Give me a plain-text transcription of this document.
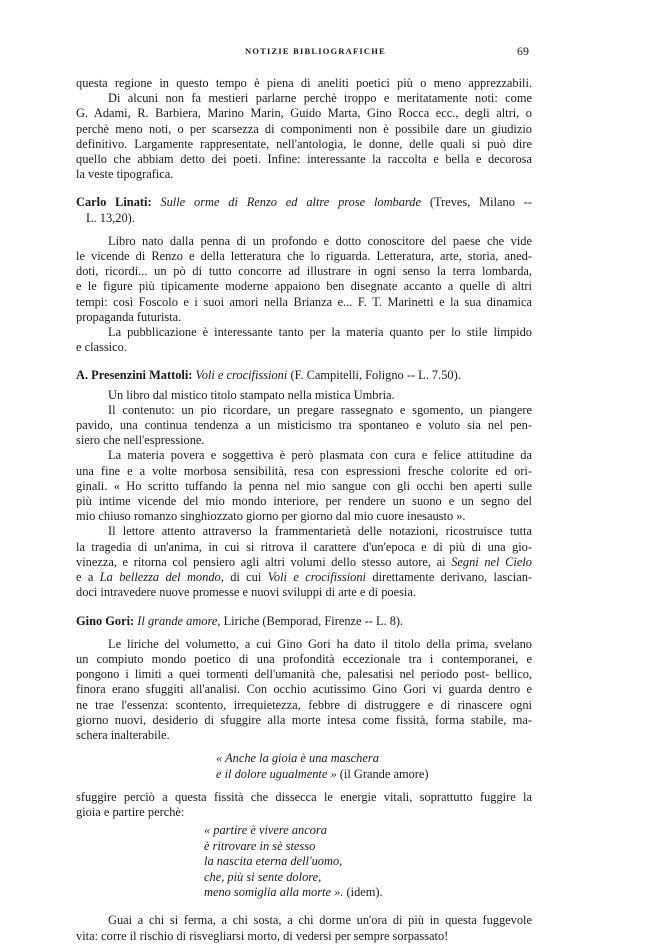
NOTIZIE BIBLIOGRAFICHE	69

questa regione in questo tempo è piena di aneliti poetici più o meno apprezzabili.
Di alcuni non fa mestieri parlarne perchè troppo e meritatamente noti: come
G. Adami, R. Barbiera, Marino Marin, Guido Marta, Gino Rocca ecc., degli altri, o
perchè meno noti, o per scarsezza di componimenti non è possibile dare un giudizio
definitivo. Largamente rappresentate, nell'antologia, le donne, delle quali si può dire
quello che abbiam detto dei poeti. Infine: interessante la raccolta e bella e decorosa
la veste tipografica.

Carlo Linati: Sulle orme di Renzo ed altre prose lombarde (Treves, Milano --

L. 13,20).

Libro nato dalla penna di un profondo e dotto conoscitore del paese che vide
le vicende di Renzo e della letteratura che lo riguarda. Letteratura, arte, storia, aned-
doti, ricordi... un pò di tutto concorre ad illustrare in ogni senso la terra lombarda,
e le figure più tipicamente moderne appaiono ben disegnate accanto a quelle di altri
tempi: così Foscolo e i suoi amori nella Brianza e... F. T. Marinetti e la sua dinamica
propaganda futurista.

La pubblicazione è interessante tanto per la materia quanto per lo stile limpido
e classico.

A. Presenzini Mattoli: Voli e crocifissioni (F. Campitelli, Foligno -- L. 7.50).

Un libro dal mistico titolo stampato nella mistica Umbria.

Il contenuto: un pio ricordare, un pregare rassegnato e sgomento, un piangere
pavido, una continua tendenza a un misticismo tra spontaneo e voluto sia nel pen-
siero che nell'espressione.

La materia povera e soggettiva è però plasmata con cura e felice attitudine da
una fine e a volte morbosa sensibilità, resa con espressioni fresche colorite ed ori-
ginali. « Ho scritto tuffando la penna nel mio sangue con gli occhi ben aperti sulle
più intime vicende del mio mondo interiore, per rendere un suono e un segno del
mio chiuso romanzo singhiozzato giorno per giorno dal mio cuore inesausto ».

Il lettore attento attraverso la frammentarietà delle notazioni, ricostruisce tutta
la tragedia di un'anima, in cui si ritrova il carattere d'un'epoca e di più di una gio-
vinezza, e ritorna col pensiero agli altri volumi dello stesso autore, ai Segni nel Cielo
e a La bellezza del mondo, di cui Voli e crocifissioni direttamente derivano, lascian-
doci intravedere nuove promesse e nuovi sviluppi di arte e di poesia.

Gino Gori: Il grande amore, Liriche (Bemporad, Firenze -- L. 8).

Le liriche del volumetto, a cui Gino Gori ha dato il titolo della prima, svelano
un compiuto mondo poetico di una profondità eccezionale tra i contemporanei, e
pongono i limiti a quei tormenti dell'umanità che, palesatisi nel periodo post- bellico,
finora erano sfuggiti all'analisi. Con occhio acutissimo Gino Gori vi guarda dentro e
ne trae l'essenza: scontento, irrequietezza, febbre di distruggere e di rinascere ogni
giorno nuovi, desiderio di sfuggire alla morte intesa come fissità, forma stabile, ma-
schera inalterabile.

« Anche la gioia è una maschera
e il dolore ugualmente » (il Grande amore)

sfuggire perciò a questa fissità che dissecca le energie vitali, soprattutto fuggire la
gioia e partire perchè:

« partire è vivere ancora
è ritrovare in sè stesso
la nascita eterna dell'uomo,
che, più si sente dolore,
meno somiglia alla morte ». (idem).

Guai a chi si ferma, a chi sosta, a chi dorme un'ora di più in questa fuggevole
vita: corre il rischio di risvegliarsi morto, di vedersi per sempre sorpassato!
